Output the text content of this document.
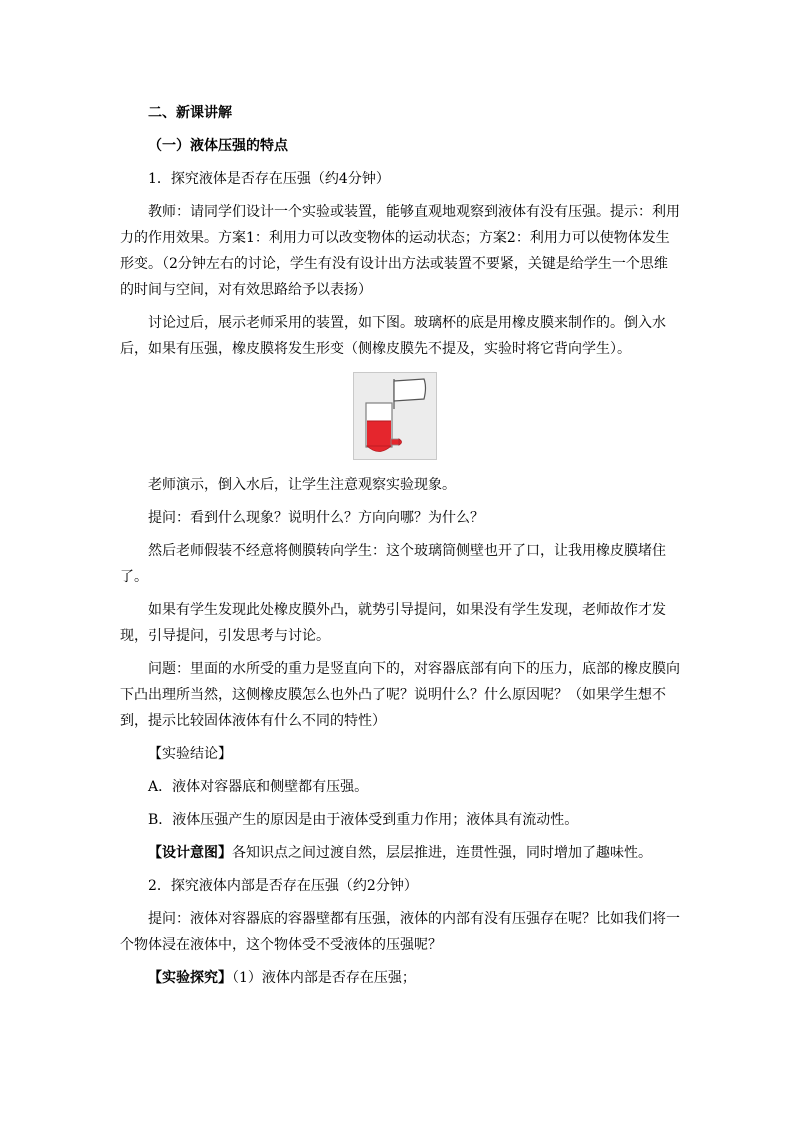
二、新课讲解

（一）液体压强的特点

1．探究液体是否存在压强（约4分钟）

教师：请同学们设计一个实验或装置，能够直观地观察到液体有没有压强。提示：利用力的作用效果。方案1：利用力可以改变物体的运动状态；方案2：利用力可以使物体发生形变。（2分钟左右的讨论，学生有没有设计出方法或装置不要紧，关键是给学生一个思维的时间与空间，对有效思路给予以表扬）

讨论过后，展示老师采用的装置，如下图。玻璃杯的底是用橡皮膜来制作的。倒入水后，如果有压强，橡皮膜将发生形变（侧橡皮膜先不提及，实验时将它背向学生）。

老师演示，倒入水后，让学生注意观察实验现象。

提问：看到什么现象？说明什么？方向向哪？为什么？

然后老师假装不经意将侧膜转向学生：这个玻璃筒侧壁也开了口，让我用橡皮膜堵住了。

如果有学生发现此处橡皮膜外凸，就势引导提问，如果没有学生发现，老师故作才发现，引导提问，引发思考与讨论。

问题：里面的水所受的重力是竖直向下的，对容器底部有向下的压力，底部的橡皮膜向下凸出理所当然，这侧橡皮膜怎么也外凸了呢？说明什么？什么原因呢？（如果学生想不到，提示比较固体液体有什么不同的特性）

【实验结论】

A．液体对容器底和侧壁都有压强。

B．液体压强产生的原因是由于液体受到重力作用；液体具有流动性。

【设计意图】各知识点之间过渡自然，层层推进，连贯性强，同时增加了趣味性。

2．探究液体内部是否存在压强（约2分钟）

提问：液体对容器底的容器壁都有压强，液体的内部有没有压强存在呢？比如我们将一个物体浸在液体中，这个物体受不受液体的压强呢？

【实验探究】（1）液体内部是否存在压强；
